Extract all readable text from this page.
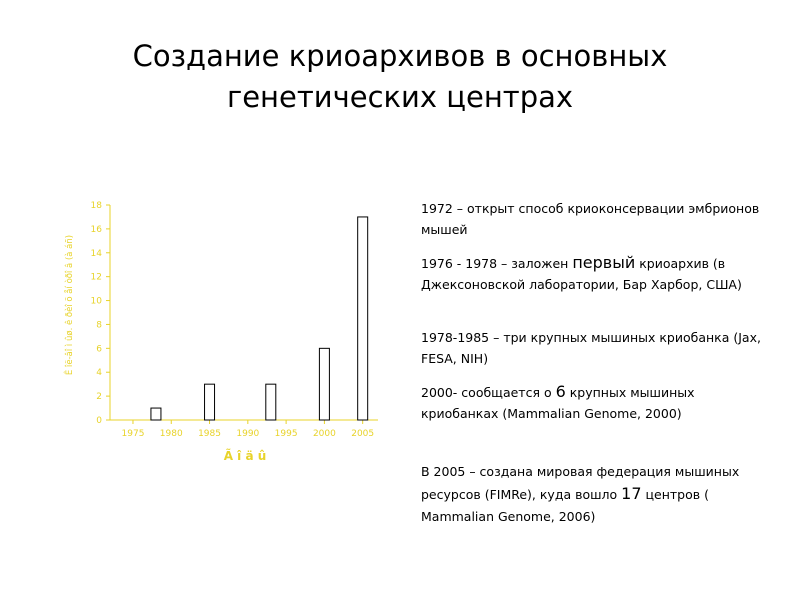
Создание криоархивов в основных
генетических центрах
0
2
4
6
8
10
12
14
16
18
1975 1980 1985 1990 1995 2000 2005
Ã î ä û
Ê îë-âî ì ûø. ê ðèî ö åí òðî â (à áñ)

1972 – открыт способ криоконсервации эмбрионов мышей

1976 - 1978 – заложен первый криоархив (в Джексоновской лаборатории, Бар Харбор, США)

1978-1985 – три крупных мышиных криобанка (Jax, FESA, NIH)

2000- сообщается о 6 крупных мышиных криобанках (Mammalian Genome, 2000)

В 2005 – создана мировая федерация мышиных ресурсов (FIMRe), куда вошло 17 центров ( Mammalian Genome, 2006)
